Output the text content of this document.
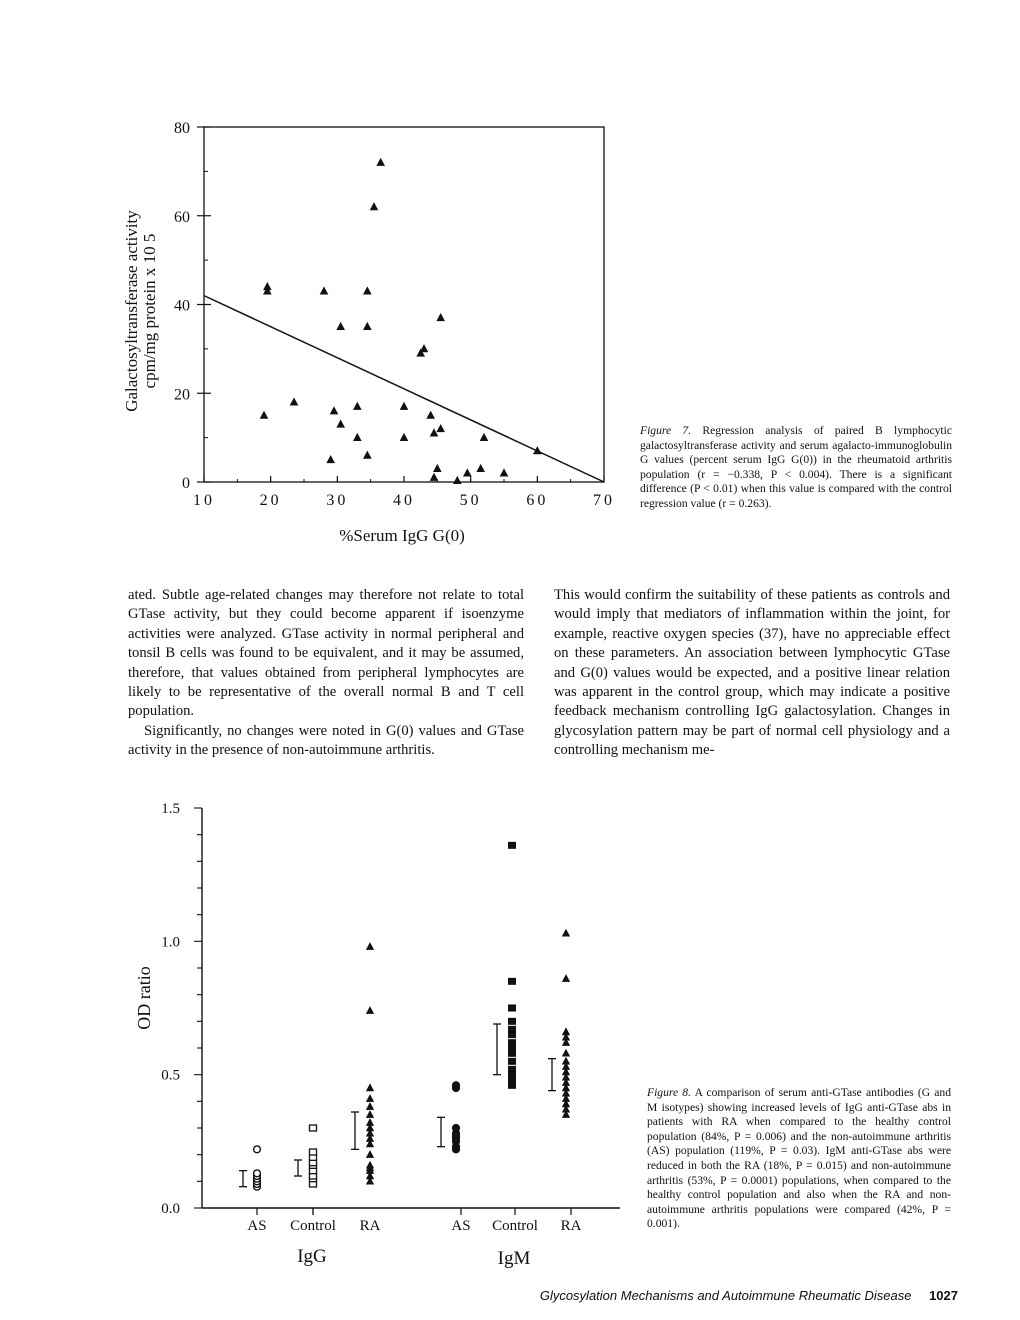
10	20	30	40	50	60	70
0
20
40
60
80
%Serum IgG G(0)
Galactosyltransferase activity cpm/mg protein x 10 5
Figure 7. Regression analysis of paired B lymphocytic galactosyltransferase activity and serum agalacto-immunoglobulin G values (percent serum IgG G(0)) in the rheumatoid arthritis population (r = −0.338, P < 0.004). There is a significant difference (P < 0.01) when this value is compared with the control regression value (r = 0.263).

ated. Subtle age-related changes may therefore not relate to total GTase activity, but they could become apparent if isoenzyme activities were analyzed. GTase activity in normal peripheral and tonsil B cells was found to be equivalent, and it may be assumed, therefore, that values obtained from peripheral lymphocytes are likely to be representative of the overall normal B and T cell population.

Significantly, no changes were noted in G(0) values and GTase activity in the presence of non-autoimmune arthritis.

This would confirm the suitability of these patients as controls and would imply that mediators of inflammation within the joint, for example, reactive oxygen species (37), have no appreciable effect on these parameters. An association between lymphocytic GTase and G(0) values would be expected, and a positive linear relation was apparent in the control group, which may indicate a positive feedback mechanism controlling IgG galactosylation. Changes in glycosylation pattern may be part of normal cell physiology and a controlling mechanism me-

0.0
0.5
1.0
1.5
AS Control RA	AS Control RA
OD ratio
IgG	IgM
Figure 8. A comparison of serum anti-GTase antibodies (G and M isotypes) showing increased levels of IgG anti-GTase abs in patients with RA when compared to the healthy control population (84%, P = 0.006) and the non-autoimmune arthritis (AS) population (119%, P = 0.03). IgM anti-GTase abs were reduced in both the RA (18%, P = 0.015) and non-autoimmune arthritis (53%, P = 0.0001) populations, when compared to the healthy control population and also when the RA and non-autoimmune arthritis populations were compared (42%, P = 0.001).
Glycosylation Mechanisms and Autoimmune Rheumatic Disease 1027
